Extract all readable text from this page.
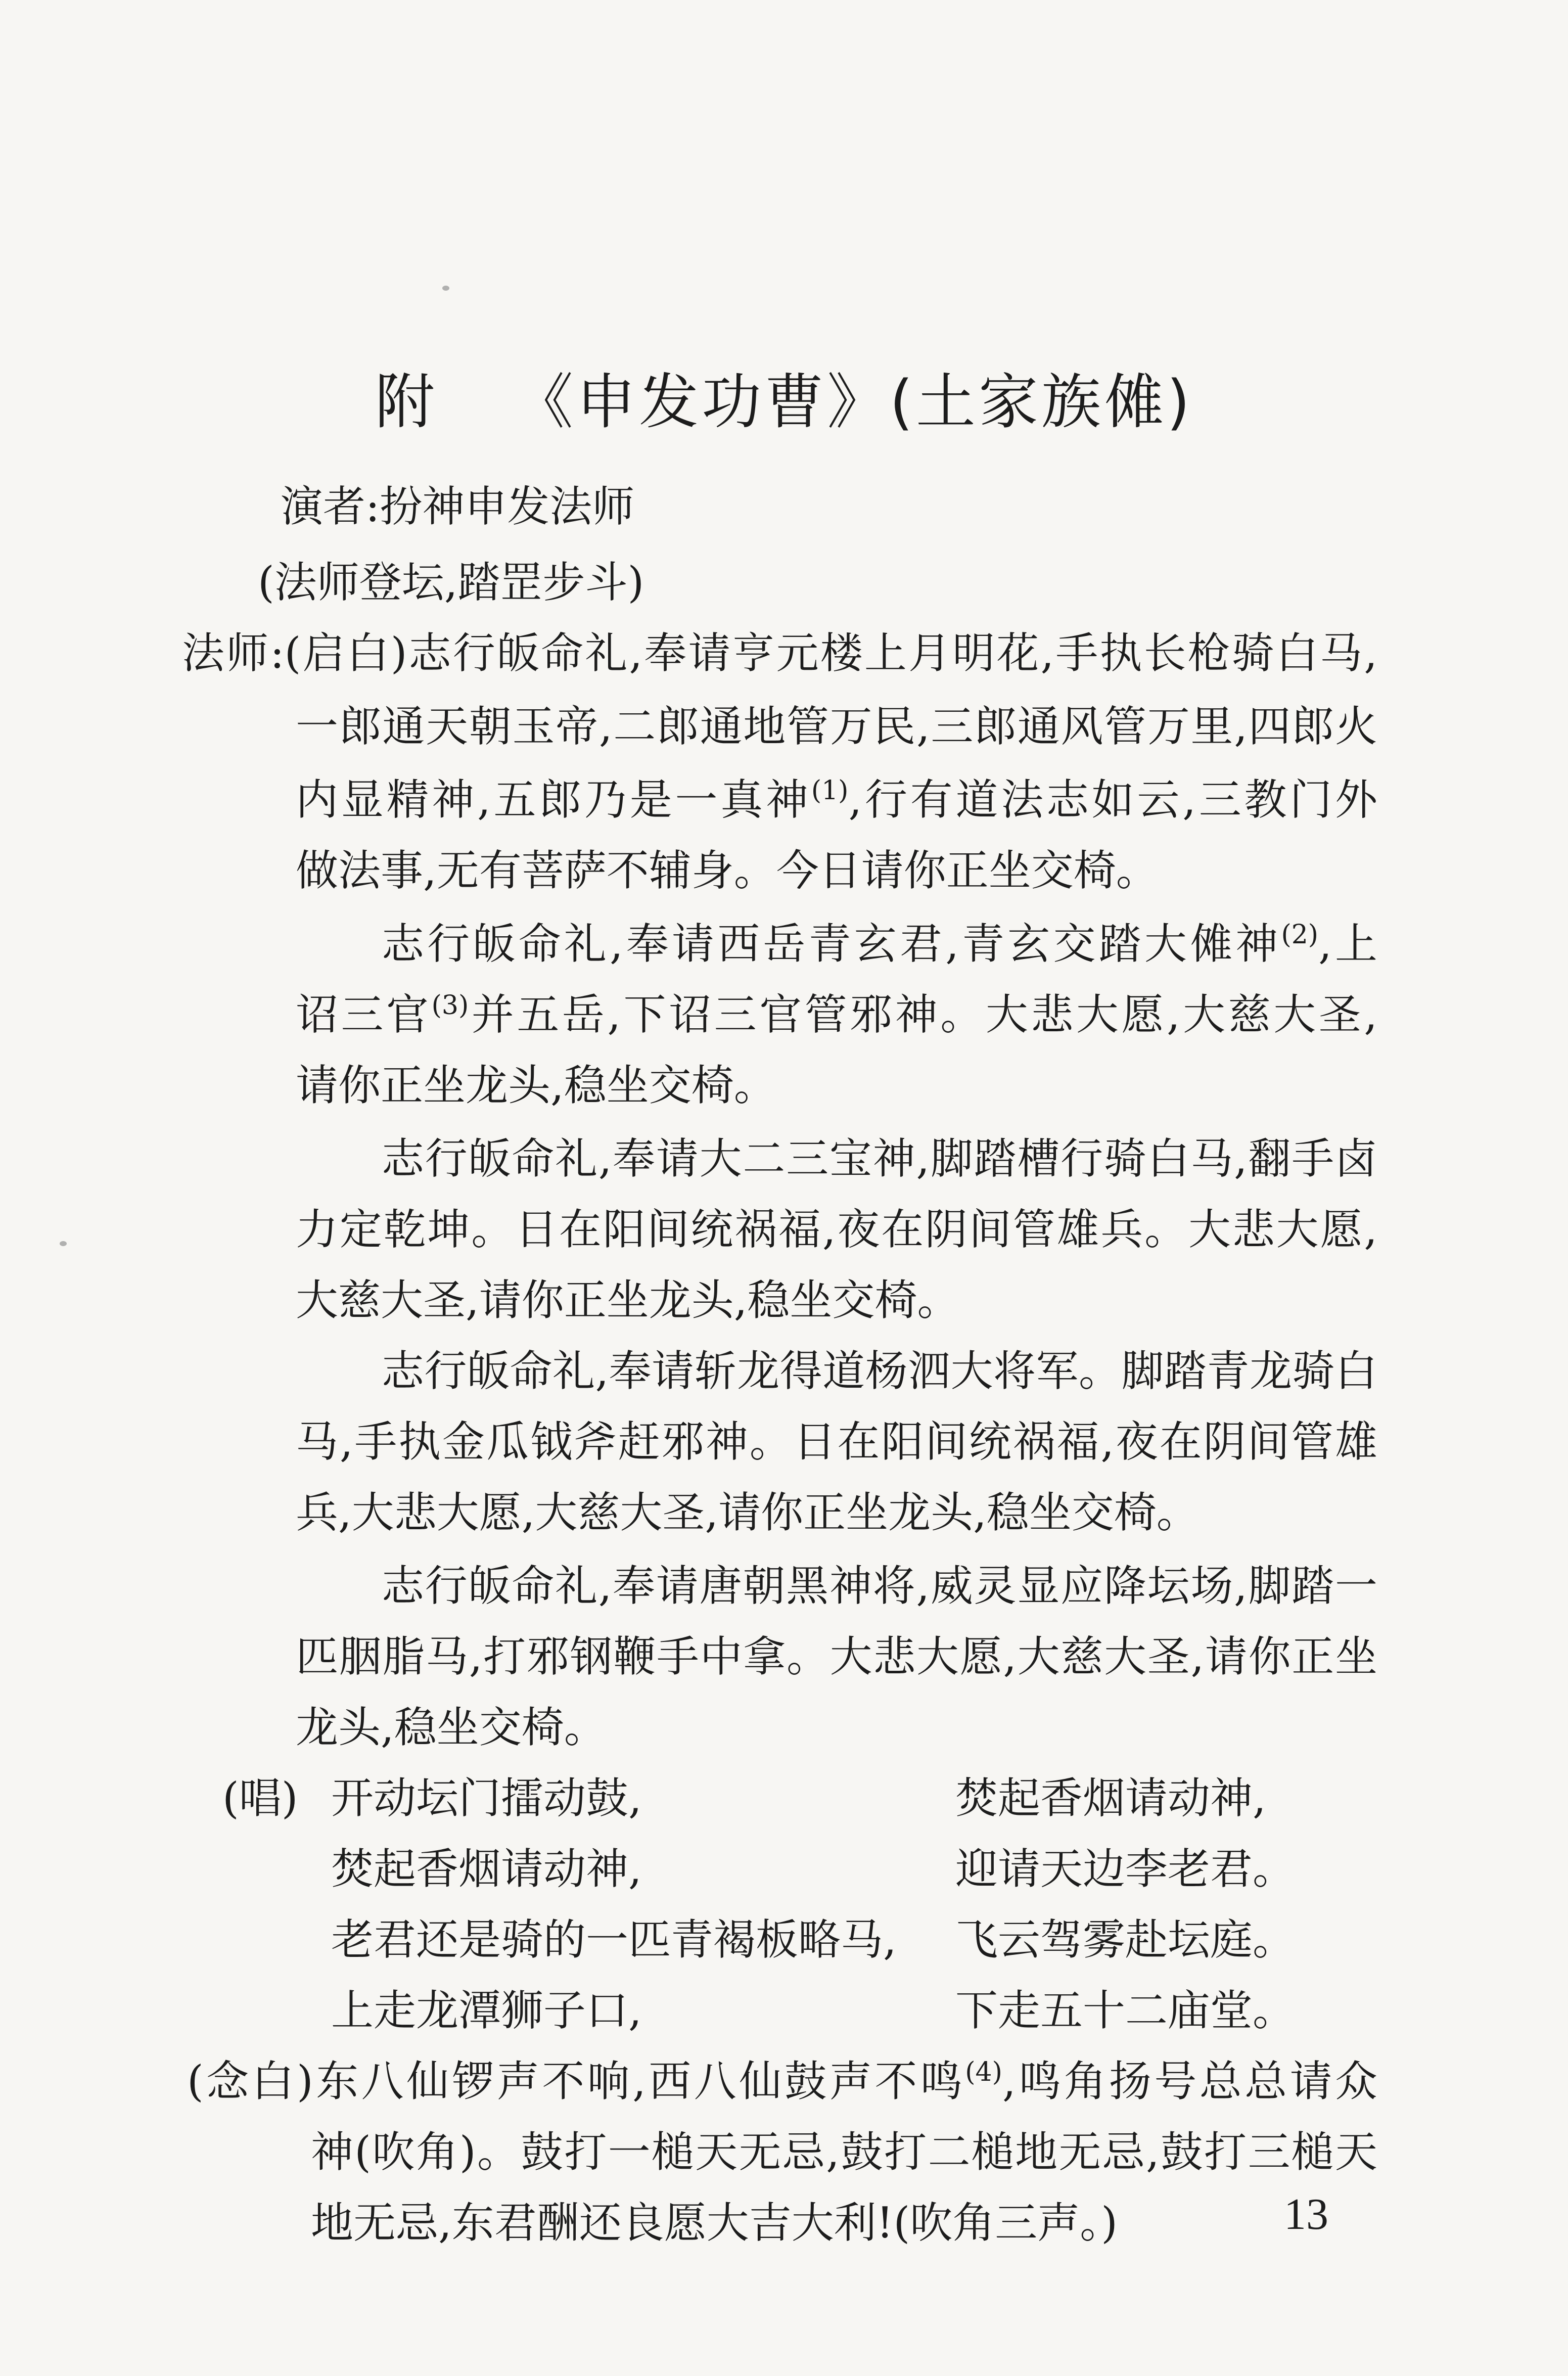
附 《申发功曹》(土家族傩)
演者:扮神申发法师
(法师登坛,踏罡步斗)
法师:(启白)志行皈命礼,奉请亨元楼上月明花,手执长枪骑白马,
一郎通天朝玉帝,二郎通地管万民,三郎通风管万里,四郎火
内显精神,五郎乃是一真神$^{(1)}$,行有道法志如云,三教门外
做法事,无有菩萨不辅身。今日请你正坐交椅。
志行皈命礼,奉请西岳青玄君,青玄交踏大傩神$^{(2)}$,上
诏三官$^{(3)}$并五岳,下诏三官管邪神。大悲大愿,大慈大圣,
请你正坐龙头,稳坐交椅。
志行皈命礼,奉请大二三宝神,脚踏槽行骑白马,翻手卤
力定乾坤。日在阳间统祸福,夜在阴间管雄兵。大悲大愿,
大慈大圣,请你正坐龙头,稳坐交椅。
志行皈命礼,奉请斩龙得道杨泗大将军。脚踏青龙骑白
马,手执金瓜钺斧赶邪神。日在阳间统祸福,夜在阴间管雄
兵,大悲大愿,大慈大圣,请你正坐龙头,稳坐交椅。
志行皈命礼,奉请唐朝黑神将,威灵显应降坛场,脚踏一
匹胭脂马,打邪钢鞭手中拿。大悲大愿,大慈大圣,请你正坐
龙头,稳坐交椅。
(唱) 开动坛门擂动鼓,	焚起香烟请动神,
焚起香烟请动神,	迎请天边李老君。
老君还是骑的一匹青褐板略马, 飞云驾雾赴坛庭。
上走龙潭狮子口,	下走五十二庙堂。
(念白)东八仙锣声不响,西八仙鼓声不鸣$^{(4)}$,鸣角扬号总总请众
神(吹角)。鼓打一槌天无忌,鼓打二槌地无忌,鼓打三槌天
地无忌,东君酬还良愿大吉大利!(吹角三声。)	13
